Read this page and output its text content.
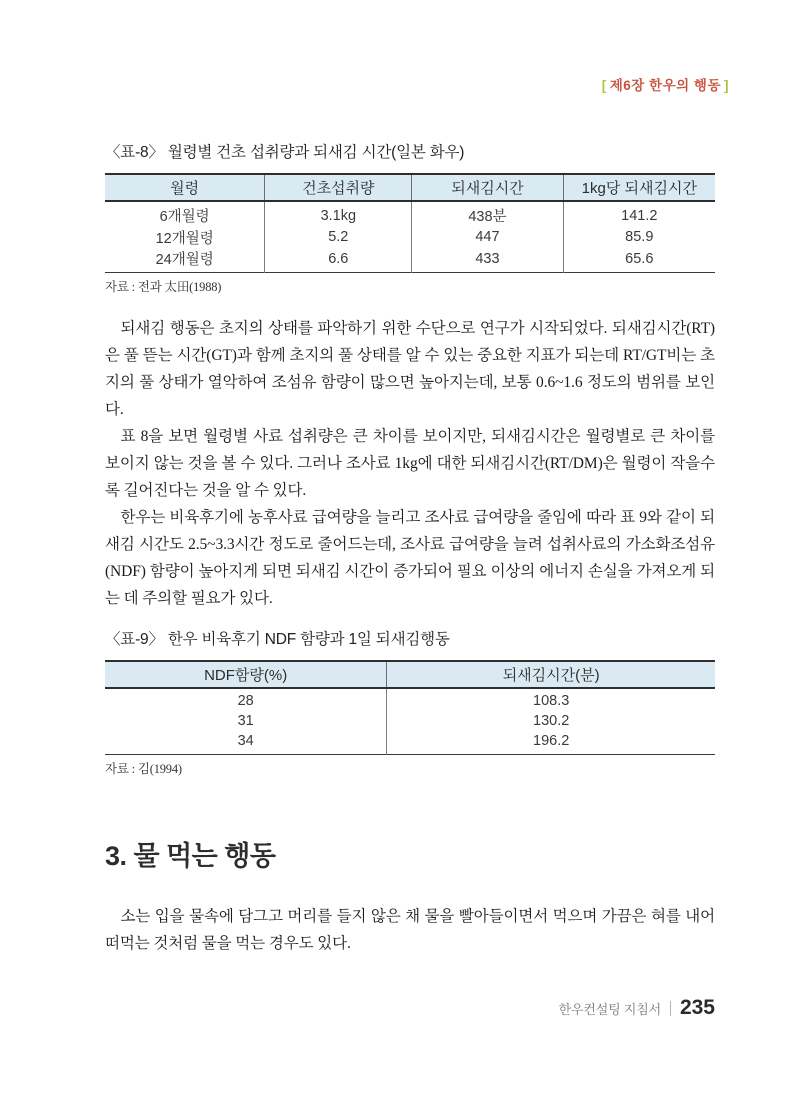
[ 제6장 한우의 행동 ]
〈표-8〉 월령별 건초 섭취량과 되새김 시간(일본 화우)
월령	건초섭취량	되새김시간	1kg당 되새김시간
6개월령	3.1kg	438분	141.2
12개월령	5.2	447	85.9
24개월령	6.6	433	65.6
자료 : 전과 太田(1988)

되새김 행동은 초지의 상태를 파악하기 위한 수단으로 연구가 시작되었다. 되새김시간(RT)은 풀 뜯는 시간(GT)과 함께 초지의 풀 상태를 알 수 있는 중요한 지표가 되는데 RT/GT비는 초지의 풀 상태가 열악하여 조섬유 함량이 많으면 높아지는데, 보통 0.6~1.6 정도의 범위를 보인다.

표 8을 보면 월령별 사료 섭취량은 큰 차이를 보이지만, 되새김시간은 월령별로 큰 차이를 보이지 않는 것을 볼 수 있다. 그러나 조사료 1kg에 대한 되새김시간(RT/DM)은 월령이 작을수록 길어진다는 것을 알 수 있다.

한우는 비육후기에 농후사료 급여량을 늘리고 조사료 급여량을 줄임에 따라 표 9와 같이 되새김 시간도 2.5~3.3시간 정도로 줄어드는데, 조사료 급여량을 늘려 섭취사료의 가소화조섬유(NDF) 함량이 높아지게 되면 되새김 시간이 증가되어 필요 이상의 에너지 손실을 가져오게 되는 데 주의할 필요가 있다.

〈표-9〉 한우 비육후기 NDF 함량과 1일 되새김행동
NDF함량(%)	되새김시간(분)
28	108.3
31	130.2
34	196.2
자료 : 김(1994)
3. 물 먹는 행동

소는 입을 물속에 담그고 머리를 들지 않은 채 물을 빨아들이면서 먹으며 가끔은 혀를 내어 떠먹는 것처럼 물을 먹는 경우도 있다.

한우컨설팅 지침서 235
